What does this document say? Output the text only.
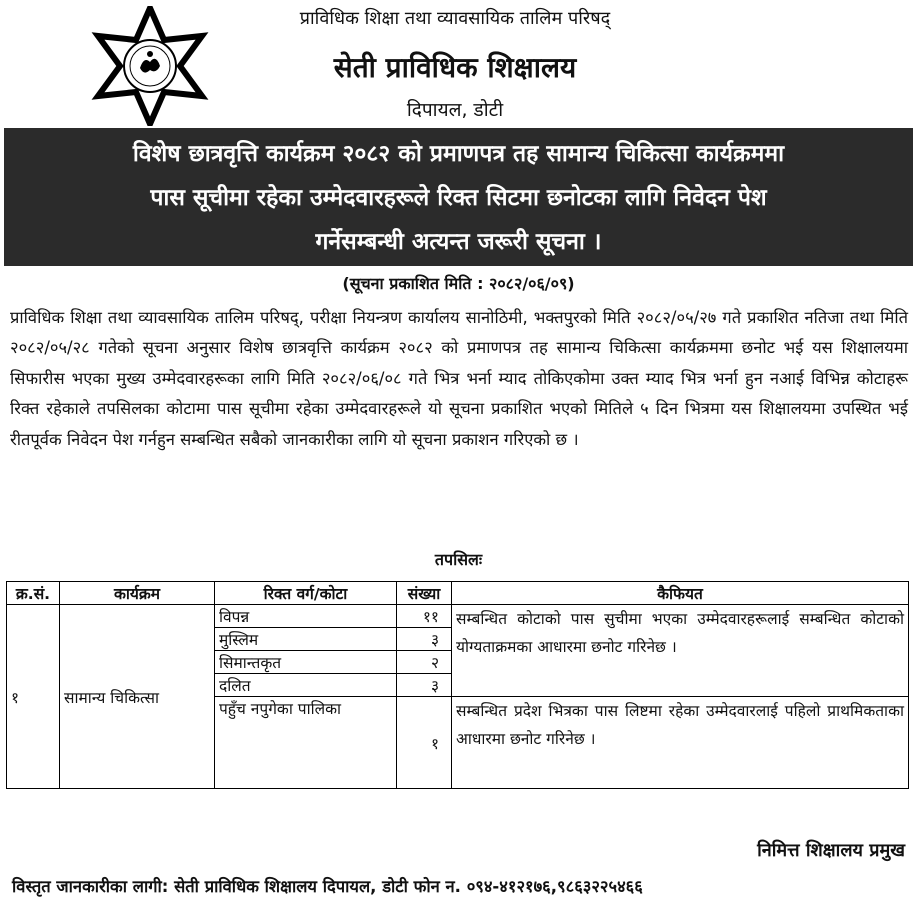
प्राविधिक शिक्षा तथा व्यावसायिक तालिम परिषद्
सेती प्राविधिक शिक्षालय
दिपायल, डोटी
विशेष छात्रवृत्ति कार्यक्रम २०८२ को प्रमाणपत्र तह सामान्य चिकित्सा कार्यक्रममा
पास सूचीमा रहेका उम्मेदवारहरूले रिक्त सिटमा छनोटका लागि निवेदन पेश
गर्नेसम्बन्धी अत्यन्त जरूरी सूचना ।
(सूचना प्रकाशित मिति : २०८२/०६/०९)
प्राविधिक शिक्षा तथा व्यावसायिक तालिम परिषद्, परीक्षा नियन्त्रण कार्यालय सानोठिमी, भक्तपुरको मिति २०८२/०५/२७ गते प्रकाशित नतिजा तथा मिति २०८२/०५/२८ गतेको सूचना अनुसार विशेष छात्रवृत्ति कार्यक्रम २०८२ को प्रमाणपत्र तह सामान्य चिकित्सा कार्यक्रममा छनोट भई यस शिक्षालयमा सिफारीस भएका मुख्य उम्मेदवारहरूका लागि मिति २०८२/०६/०८ गते भित्र भर्ना म्याद तोकिएकोमा उक्त म्याद भित्र भर्ना हुन नआई विभिन्न कोटाहरू रिक्त रहेकाले तपसिलका कोटामा पास सूचीमा रहेका उम्मेदवारहरूले यो सूचना प्रकाशित भएको मितिले ५ दिन भित्रमा यस शिक्षालयमा उपस्थित भई रीतपूर्वक निवेदन पेश गर्नहुन सम्बन्धित सबैको जानकारीका लागि यो सूचना प्रकाशन गरिएको छ ।
तपसिलः
क्र.सं.	कार्यक्रम	रिक्त वर्ग/कोटा	संख्या	कैफियत
१	सामान्य चिकित्सा	विपन्न	११	सम्बन्धित कोटाको पास सुचीमा भएका उम्मेदवारहरूलाई सम्बन्धित कोटाको योग्यताक्रमका आधारमा छनोट गरिनेछ ।
		मुस्लिम	३	
		सिमान्तकृत	२	
		दलित	३	
		पहुँच नपुगेका पालिका	१	सम्बन्धित प्रदेश भित्रका पास लिष्टमा रहेका उम्मेदवारलाई पहिलो प्राथमिकताका आधारमा छनोट गरिनेछ ।
निमित्त शिक्षालय प्रमुख
विस्तृत जानकारीका लागी: सेती प्राविधिक शिक्षालय दिपायल, डोटी फोन न. ०९४-४१२१७६,९८६३२२५४६६
